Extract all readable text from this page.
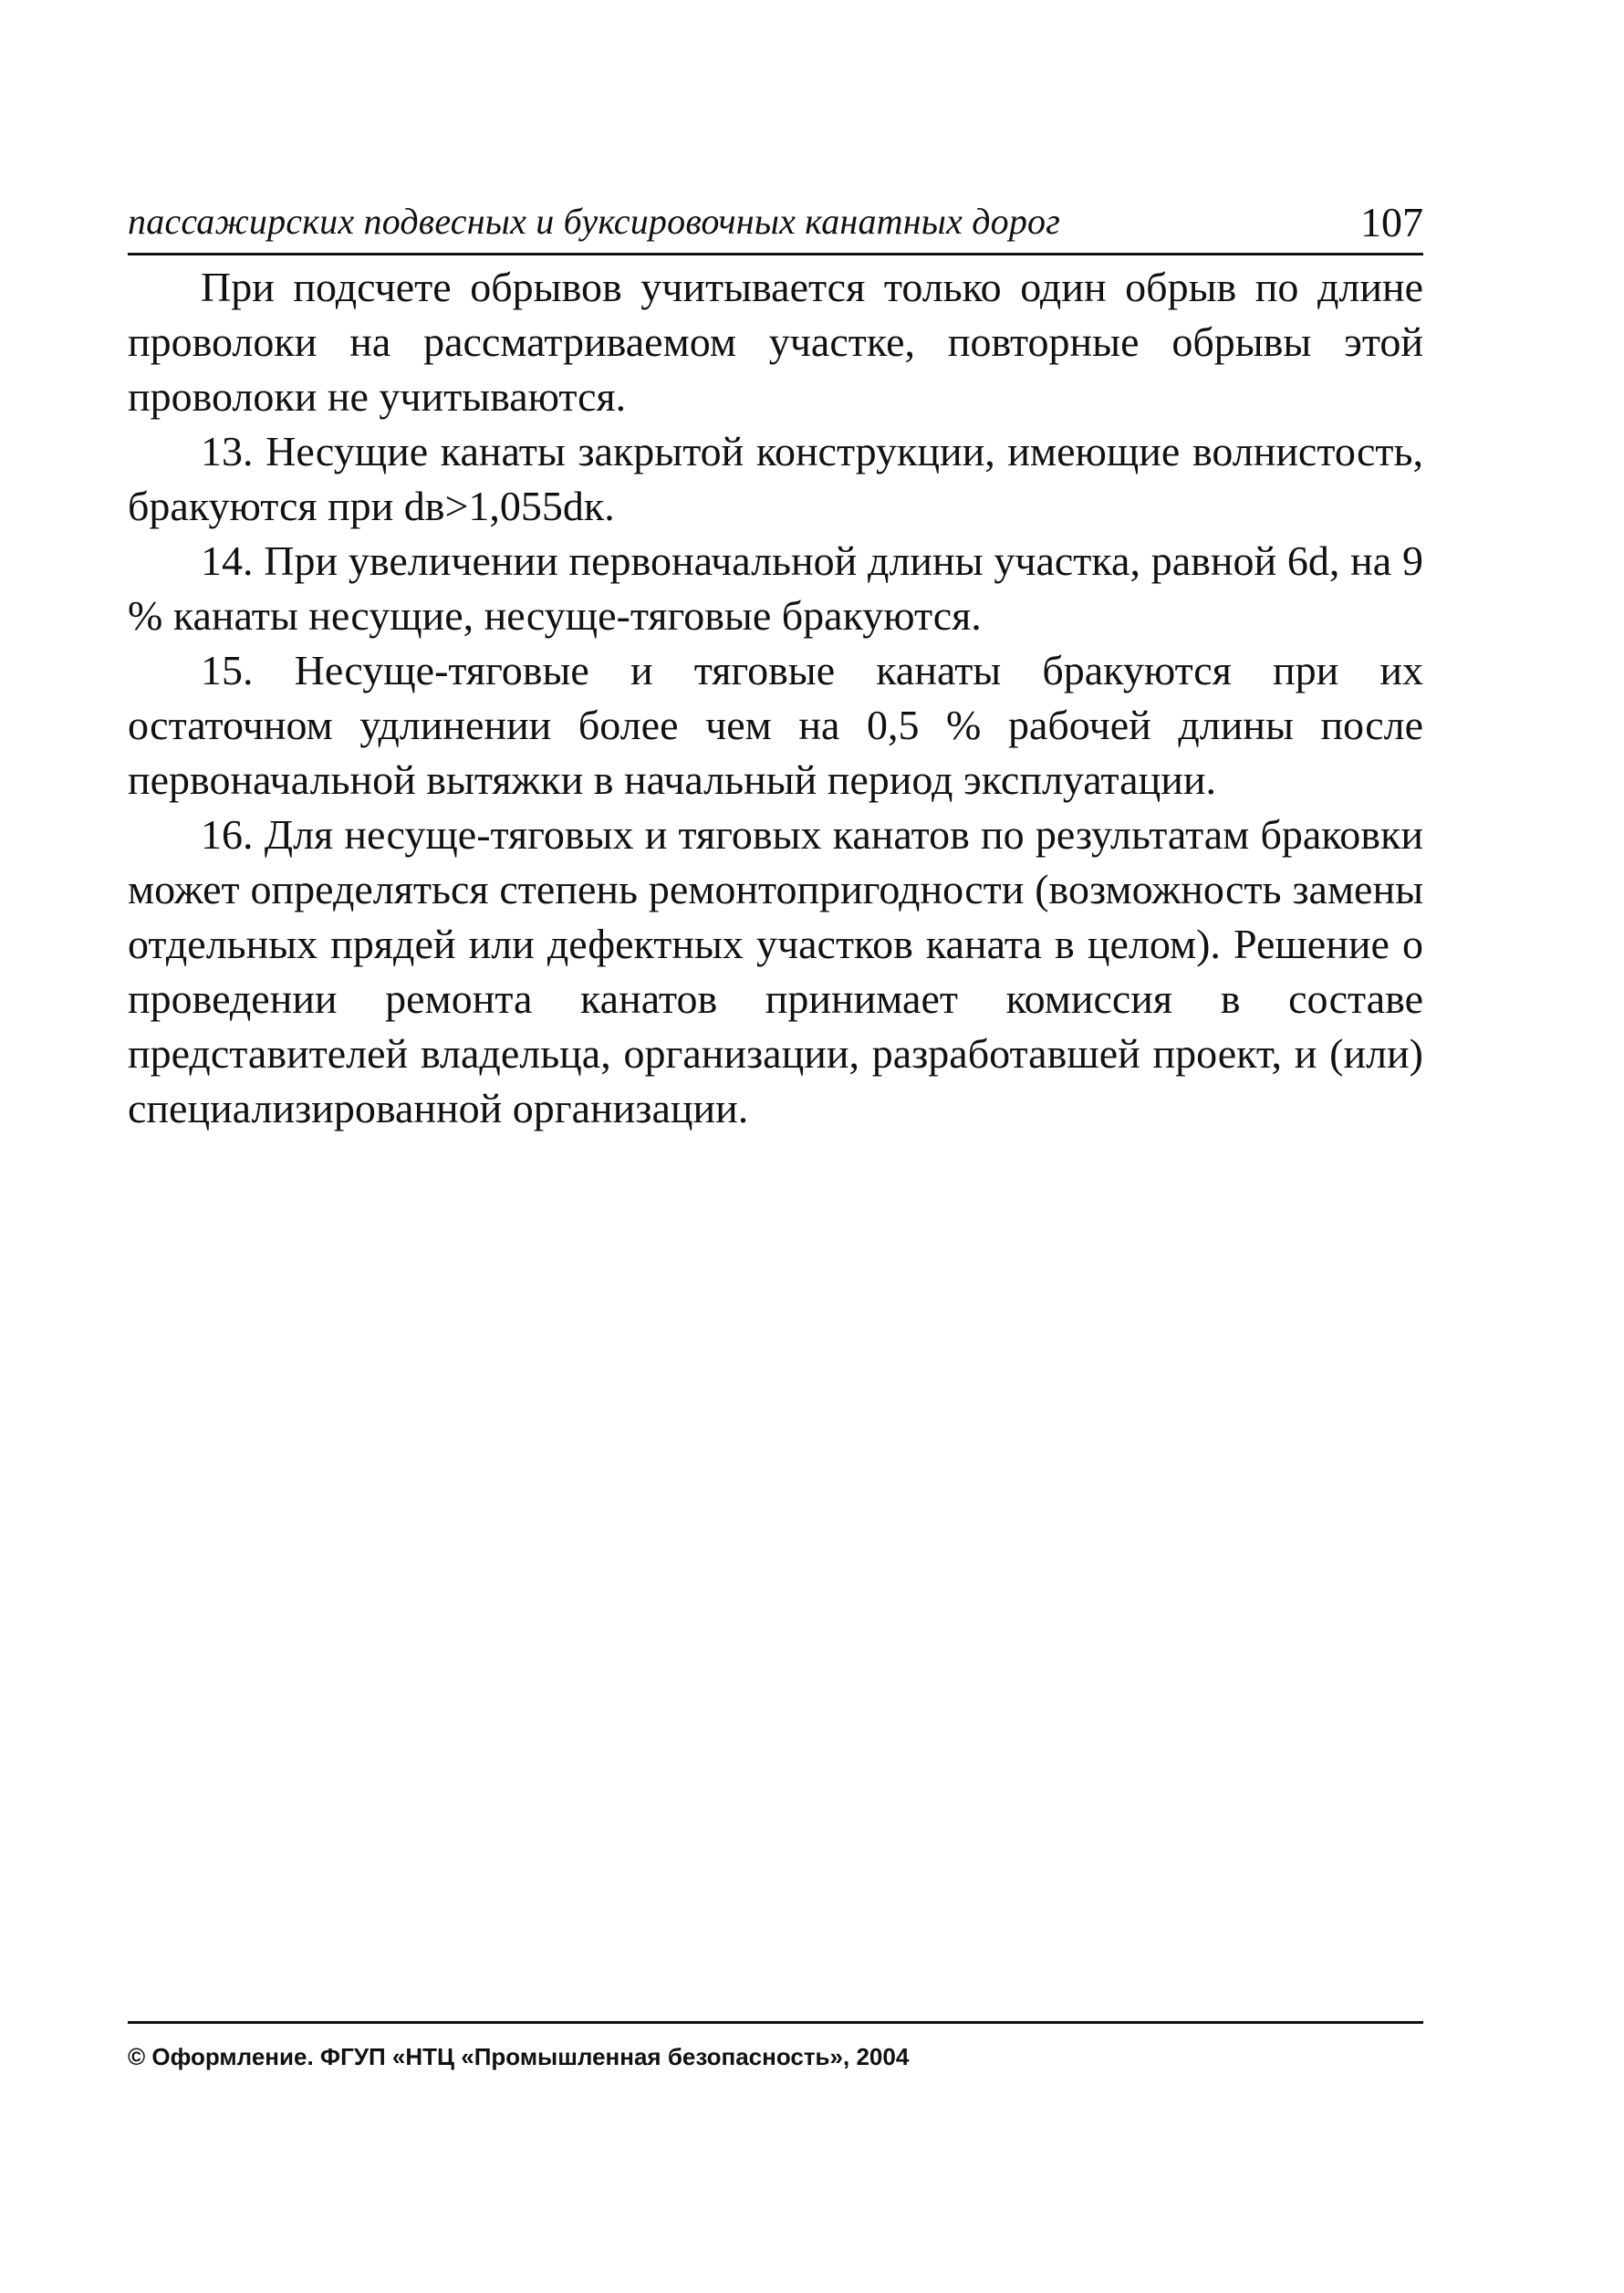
пассажирских подвесных и буксировочных канатных дорог	107

При подсчете обрывов учитывается только один обрыв по длине проволоки на рассматриваемом участке, повторные обрывы этой проволоки не учитываются.

13. Несущие канаты закрытой конструкции, имеющие волнистость, бракуются при dв>1,055dк.

14. При увеличении первоначальной длины участка, равной 6d, на 9 % канаты несущие, несуще-тяговые бракуются.

15. Несуще-тяговые и тяговые канаты бракуются при их остаточном удлинении более чем на 0,5 % рабочей длины после первоначальной вытяжки в начальный период эксплуатации.

16. Для несуще-тяговых и тяговых канатов по результатам браковки может определяться степень ремонтопригодности (возможность замены отдельных прядей или дефектных участков каната в целом). Решение о проведении ремонта канатов принимает комиссия в составе представителей владельца, организации, разработавшей проект, и (или) специализированной организации.

© Оформление. ФГУП «НТЦ «Промышленная безопасность», 2004
